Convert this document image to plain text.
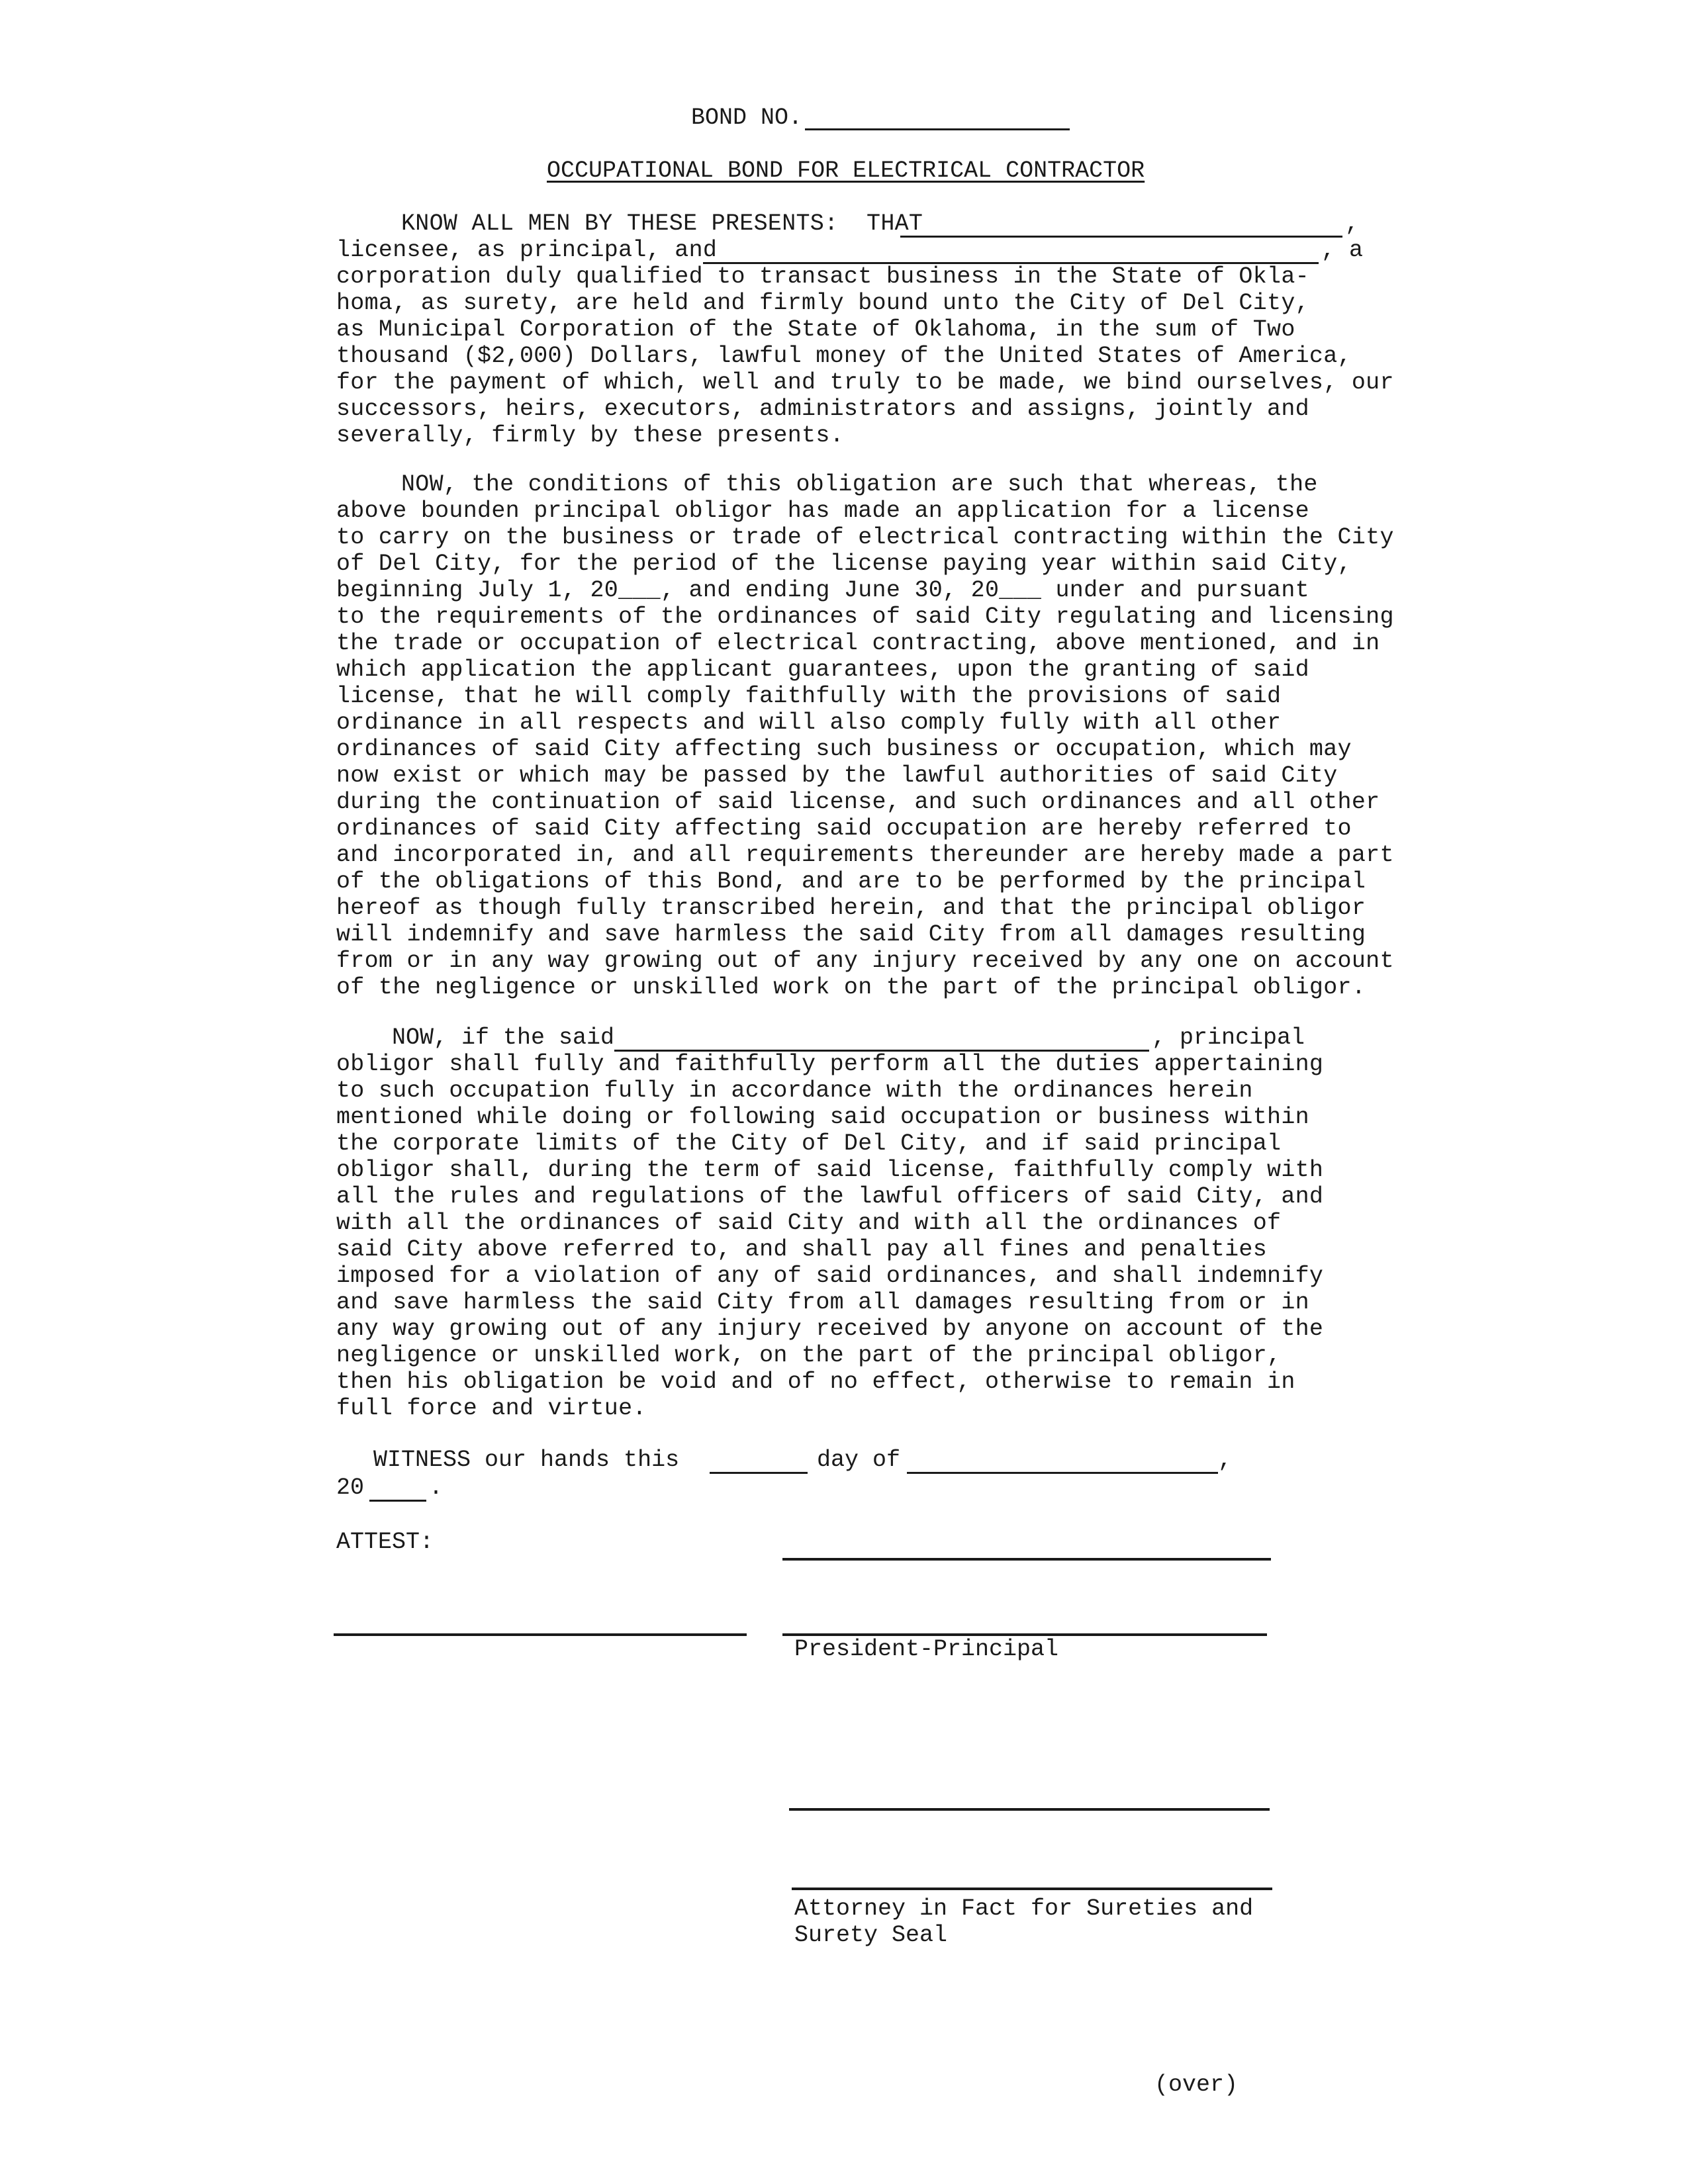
BOND NO.
OCCUPATIONAL BOND FOR ELECTRICAL CONTRACTOR
KNOW ALL MEN BY THESE PRESENTS:  THAT	,
licensee, as principal, and	, a
corporation duly qualified to transact business in the State of Okla-
homa, as surety, are held and firmly bound unto the City of Del City,
as Municipal Corporation of the State of Oklahoma, in the sum of Two
thousand ($2,000) Dollars, lawful money of the United States of America,
for the payment of which, well and truly to be made, we bind ourselves, our
successors, heirs, executors, administrators and assigns, jointly and
severally, firmly by these presents.
NOW, the conditions of this obligation are such that whereas, the
above bounden principal obligor has made an application for a license
to carry on the business or trade of electrical contracting within the City
of Del City, for the period of the license paying year within said City,
beginning July 1, 20___, and ending June 30, 20___ under and pursuant
to the requirements of the ordinances of said City regulating and licensing
the trade or occupation of electrical contracting, above mentioned, and in
which application the applicant guarantees, upon the granting of said
license, that he will comply faithfully with the provisions of said
ordinance in all respects and will also comply fully with all other
ordinances of said City affecting such business or occupation, which may
now exist or which may be passed by the lawful authorities of said City
during the continuation of said license, and such ordinances and all other
ordinances of said City affecting said occupation are hereby referred to
and incorporated in, and all requirements thereunder are hereby made a part
of the obligations of this Bond, and are to be performed by the principal
hereof as though fully transcribed herein, and that the principal obligor
will indemnify and save harmless the said City from all damages resulting
from or in any way growing out of any injury received by any one on account
of the negligence or unskilled work on the part of the principal obligor.
NOW, if the said	, principal
obligor shall fully and faithfully perform all the duties appertaining
to such occupation fully in accordance with the ordinances herein
mentioned while doing or following said occupation or business within
the corporate limits of the City of Del City, and if said principal
obligor shall, during the term of said license, faithfully comply with
all the rules and regulations of the lawful officers of said City, and
with all the ordinances of said City and with all the ordinances of
said City above referred to, and shall pay all fines and penalties
imposed for a violation of any of said ordinances, and shall indemnify
and save harmless the said City from all damages resulting from or in
any way growing out of any injury received by anyone on account of the
negligence or unskilled work, on the part of the principal obligor,
then his obligation be void and of no effect, otherwise to remain in
full force and virtue.
WITNESS our hands this	day of	,
20	.
ATTEST:
President-Principal
Attorney in Fact for Sureties and
Surety Seal
(over)
